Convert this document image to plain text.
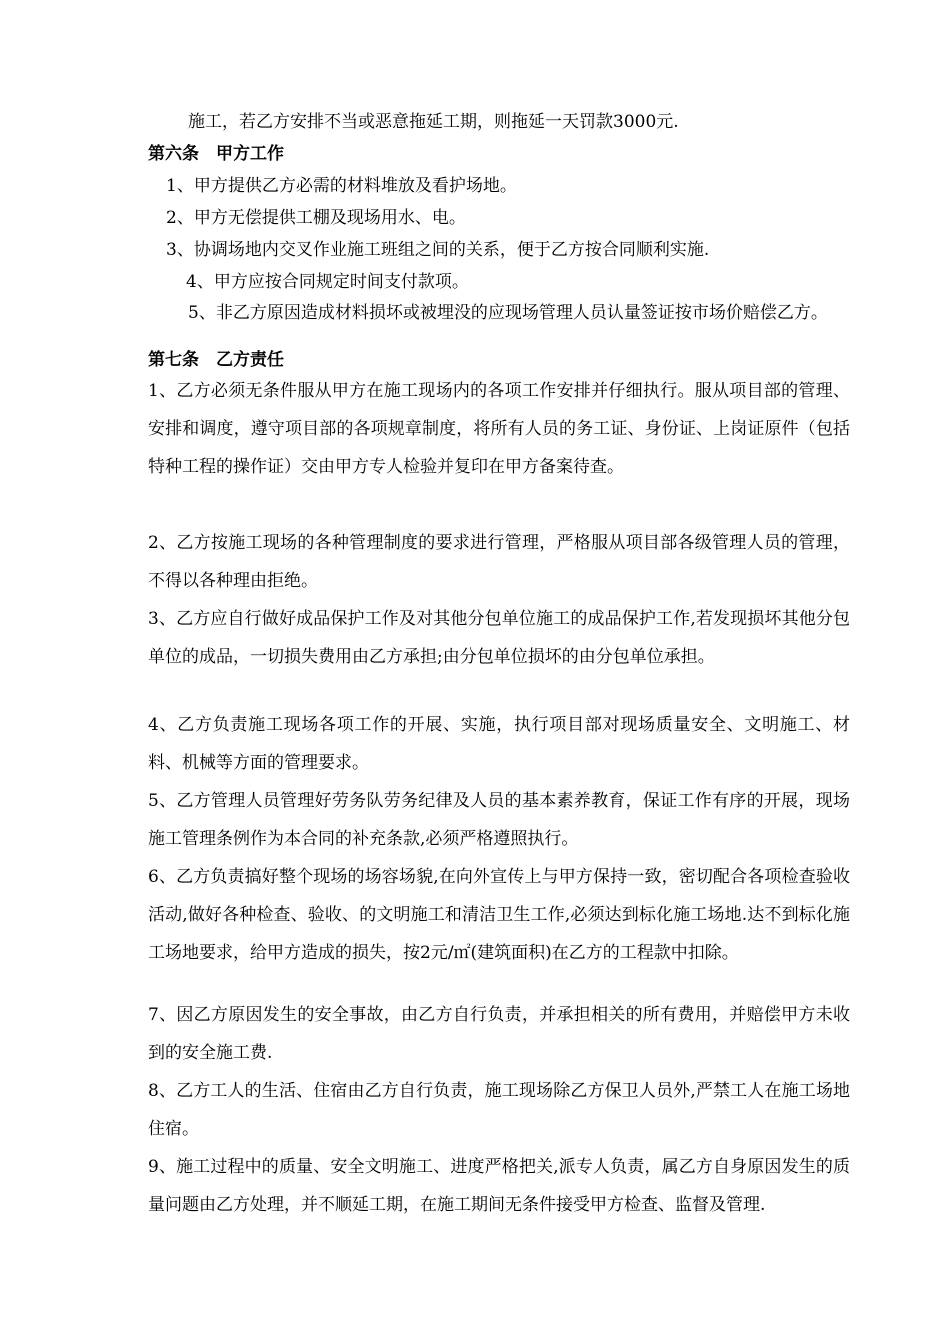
施工，若乙方安排不当或恶意拖延工期，则拖延一天罚款3000元.
第六条　甲方工作
1、甲方提供乙方必需的材料堆放及看护场地。
2、甲方无偿提供工棚及现场用水、电。
3、协调场地内交叉作业施工班组之间的关系，便于乙方按合同顺利实施.
4、甲方应按合同规定时间支付款项。
5、非乙方原因造成材料损坏或被埋没的应现场管理人员认量签证按市场价赔偿乙方。
第七条　乙方责任
1、乙方必须无条件服从甲方在施工现场内的各项工作安排并仔细执行。服从项目部的管理、安排和调度，遵守项目部的各项规章制度，将所有人员的务工证、身份证、上岗证原件（包括特种工程的操作证）交由甲方专人检验并复印在甲方备案待查。
2、乙方按施工现场的各种管理制度的要求进行管理，严格服从项目部各级管理人员的管理，不得以各种理由拒绝。
3、乙方应自行做好成品保护工作及对其他分包单位施工的成品保护工作,若发现损坏其他分包单位的成品，一切损失费用由乙方承担;由分包单位损坏的由分包单位承担。
4、乙方负责施工现场各项工作的开展、实施，执行项目部对现场质量安全、文明施工、材料、机械等方面的管理要求。
5、乙方管理人员管理好劳务队劳务纪律及人员的基本素养教育，保证工作有序的开展，现场施工管理条例作为本合同的补充条款,必须严格遵照执行。
6、乙方负责搞好整个现场的场容场貌,在向外宣传上与甲方保持一致，密切配合各项检查验收活动,做好各种检查、验收、的文明施工和清洁卫生工作,必须达到标化施工场地.达不到标化施工场地要求，给甲方造成的损失，按2元/㎡(建筑面积)在乙方的工程款中扣除。
7、因乙方原因发生的安全事故，由乙方自行负责，并承担相关的所有费用，并赔偿甲方未收到的安全施工费.
8、乙方工人的生活、住宿由乙方自行负责，施工现场除乙方保卫人员外,严禁工人在施工场地住宿。
9、施工过程中的质量、安全文明施工、进度严格把关,派专人负责，属乙方自身原因发生的质量问题由乙方处理，并不顺延工期，在施工期间无条件接受甲方检查、监督及管理.
